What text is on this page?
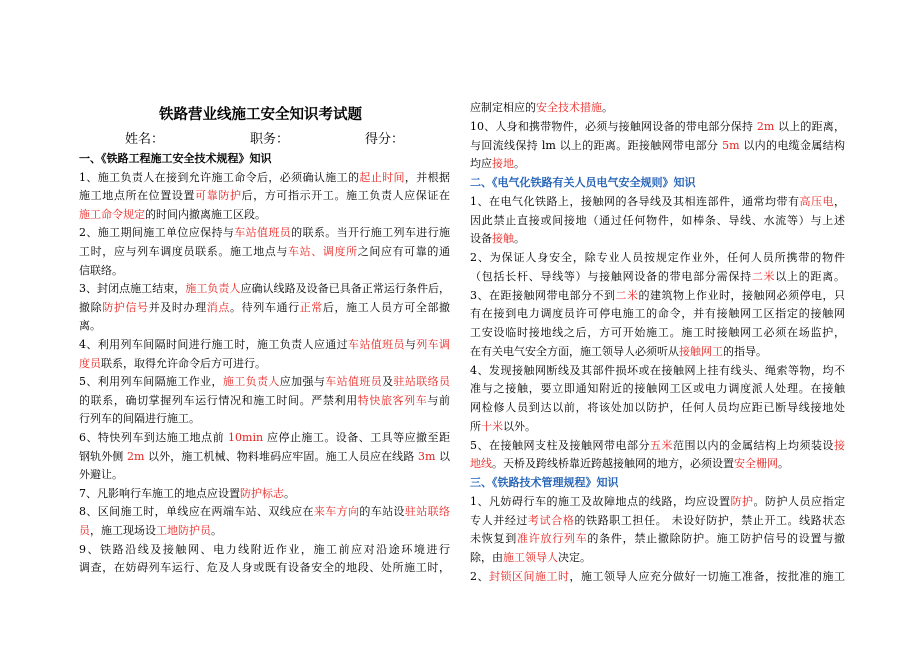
铁路营业线施工安全知识考试题
姓名：	职务：	得分：
一、《铁路工程施工安全技术规程》知识
1、施工负责人在接到允许施工命令后，必须确认施工的起止时间，并根据
施工地点所在位置设置可靠防护后，方可指示开工。施工负责人应保证在
施工命令规定的时间内撤离施工区段。
2、施工期间施工单位应保持与车站值班员的联系。当开行施工列车进行施
工时，应与列车调度员联系。施工地点与车站、调度所之间应有可靠的通
信联络。
3、封闭点施工结束，施工负责人应确认线路及设备已具备正常运行条件后，
撤除防护信号并及时办理消点。待列车通行正常后，施工人员方可全部撤
离。
4、利用列车间隔时间进行施工时，施工负责人应通过车站值班员与列车调
度员联系，取得允许命令后方可进行。
5、利用列车间隔施工作业，施工负责人应加强与车站值班员及驻站联络员
的联系，确切掌握列车运行情况和施工时间。严禁利用特快旅客列车与前
行列车的间隔进行施工。
6、特快列车到达施工地点前 10min 应停止施工。设备、工具等应撤至距
钢轨外侧 2m 以外，施工机械、物料堆码应牢固。施工人员应在线路 3m 以
外避让。
7、凡影响行车施工的地点应设置防护标志。
8、区间施工时，单线应在两端车站、双线应在来车方向的车站设驻站联络
员，施工现场设工地防护员。
9、铁路沿线及接触网、电力线附近作业，施工前应对沿途环境进行
调查，在妨碍列车运行、危及人身或既有设备安全的地段、处所施工时，
应制定相应的安全技术措施。
10、人身和携带物件，必须与接触网设备的带电部分保持 2m 以上的距离，
与回流线保持 lm 以上的距离。距接触网带电部分 5m 以内的电缆金属结构
均应接地。
二、《电气化铁路有关人员电气安全规则》知识
1、在电气化铁路上，接触网的各导线及其相连部件，通常均带有高压电，
因此禁止直接或间接地（通过任何物件，如棒条、导线、水流等）与上述
设备接触。
2、为保证人身安全，除专业人员按规定作业外，任何人员所携带的物件
（包括长杆、导线等）与接触网设备的带电部分需保持二米以上的距离。
3、在距接触网带电部分不到二米的建筑物上作业时，接触网必须停电，只
有在接到电力调度员许可停电施工的命令，并有接触网工区指定的接触网
工安设临时接地线之后，方可开始施工。施工时接触网工必须在场监护，
在有关电气安全方面，施工领导人必须听从接触网工的指导。
4、发现接触网断线及其部件损坏或在接触网上挂有线头、绳索等物，均不
准与之接触，要立即通知附近的接触网工区或电力调度派人处理。在接触
网检修人员到达以前，将该处加以防护，任何人员均应距已断导线接地处
所十米以外。
5、在接触网支柱及接触网带电部分五米范围以内的金属结构上均须装设接
地线。天桥及跨线桥靠近跨越接触网的地方，必须设置安全栅网。
三、《铁路技术管理规程》知识
1、凡妨碍行车的施工及故障地点的线路，均应设置防护。防护人员应指定
专人并经过考试合格的铁路职工担任。 未设好防护，禁止开工。线路状态
未恢复到准许放行列车的条件，禁止撤除防护。施工防护信号的设置与撤
除，由施工领导人决定。
2、封锁区间施工时，施工领导人应充分做好一切施工准备，按批准的施工
